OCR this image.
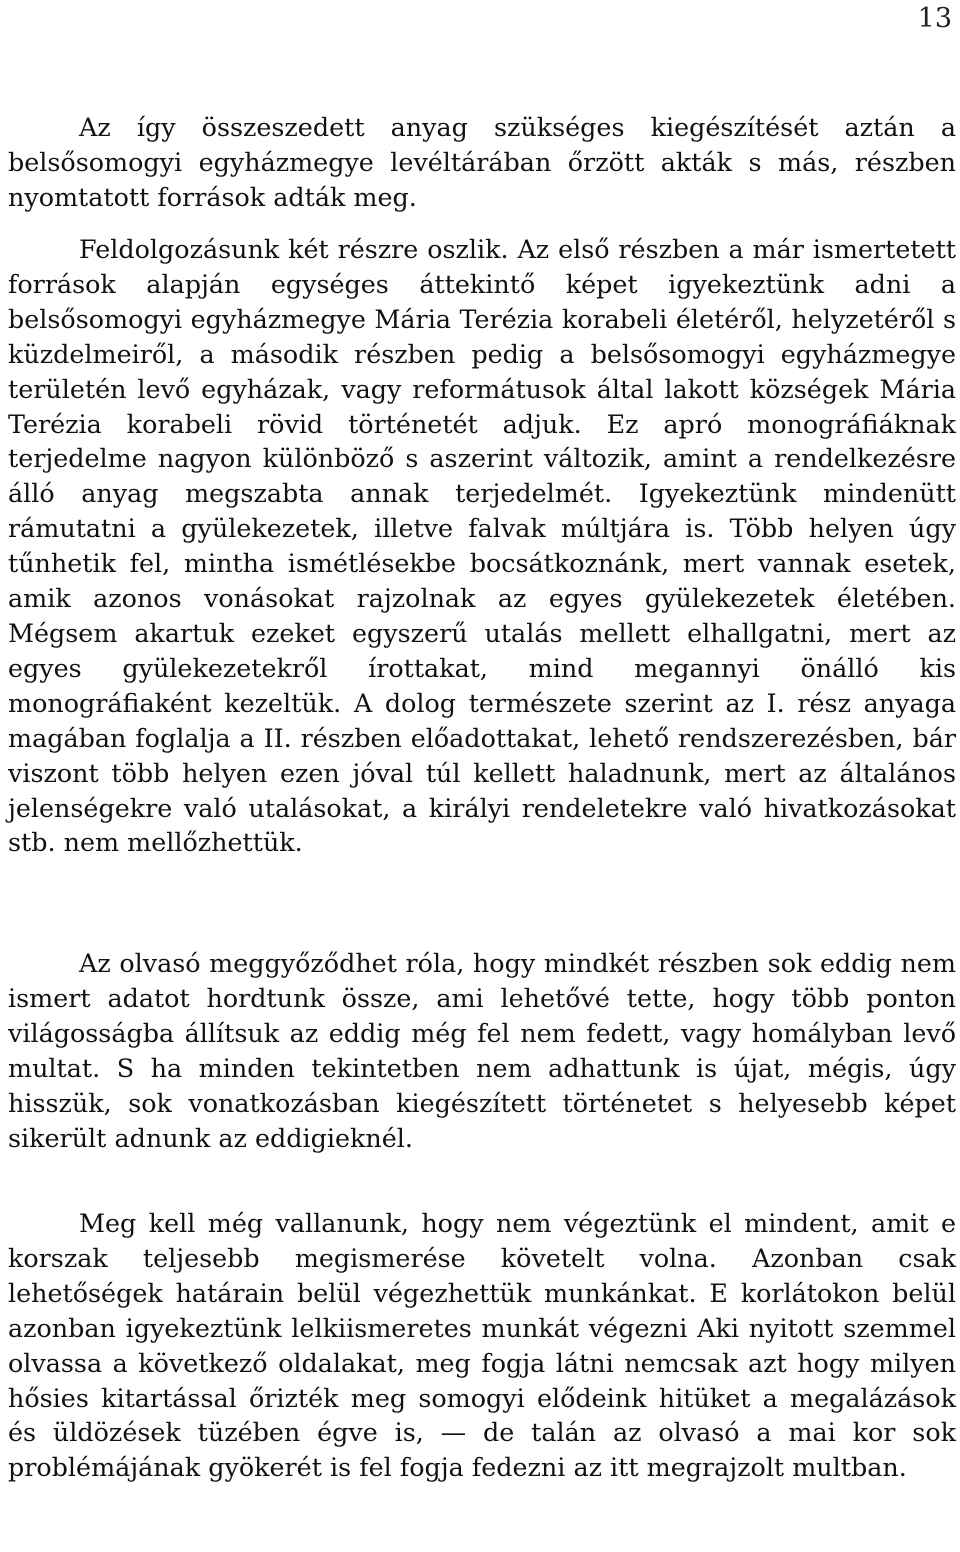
13

Az így összeszedett anyag szükséges kiegészítését aztán a belsősomogyi egyházmegye levéltárában őrzött akták s más, részben nyomtatott források adták meg.

Feldolgozásunk két részre oszlik. Az első részben a már ismertetett források alapján egységes áttekintő képet igyekeztünk adni a belsősomogyi egyházmegye Mária Terézia korabeli életéről, helyzetéről s küzdelmeiről, a második részben pedig a belsősomogyi egyházmegye területén levő egyházak, vagy reformátusok által lakott községek Mária Terézia korabeli rövid történetét adjuk. Ez apró monográfiáknak terjedelme nagyon különböző s aszerint változik, amint a rendelkezésre álló anyag megszabta annak terjedelmét. Igyekeztünk mindenütt rámutatni a gyülekezetek, illetve falvak múltjára is. Több helyen úgy tűnhetik fel, mintha ismétlésekbe bocsátkoznánk, mert vannak esetek, amik azonos vonásokat rajzolnak az egyes gyülekezetek életében. Mégsem akartuk ezeket egyszerű utalás mellett elhallgatni, mert az egyes gyülekezetekről írottakat, mind megannyi önálló kis monográfiaként kezeltük. A dolog természete szerint az I. rész anyaga magában foglalja a II. részben előadottakat, lehető rendszerezésben, bár viszont több helyen ezen jóval túl kellett haladnunk, mert az általános jelenségekre való utalásokat, a királyi rendeletekre való hivatkozásokat stb. nem mellőzhettük.

Az olvasó meggyőződhet róla, hogy mindkét részben sok eddig nem ismert adatot hordtunk össze, ami lehetővé tette, hogy több ponton világosságba állítsuk az eddig még fel nem fedett, vagy homályban levő multat. S ha minden tekintetben nem adhattunk is újat, mégis, úgy hisszük, sok vonatkozásban kiegészített történetet s helyesebb képet sikerült adnunk az eddigieknél.

Meg kell még vallanunk, hogy nem végeztünk el mindent, amit e korszak teljesebb megismerése követelt volna. Azonban csak lehetőségek határain belül végezhettük munkánkat. E korlátokon belül azonban igyekeztünk lelkiismeretes munkát végezni Aki nyitott szemmel olvassa a következő oldalakat, meg fogja látni nemcsak azt hogy milyen hősies kitartással őrizték meg somogyi elődeink hitüket a megalázások és üldözések tüzében égve is, — de talán az olvasó a mai kor sok problémájának gyökerét is fel fogja fedezni az itt megrajzolt multban.
